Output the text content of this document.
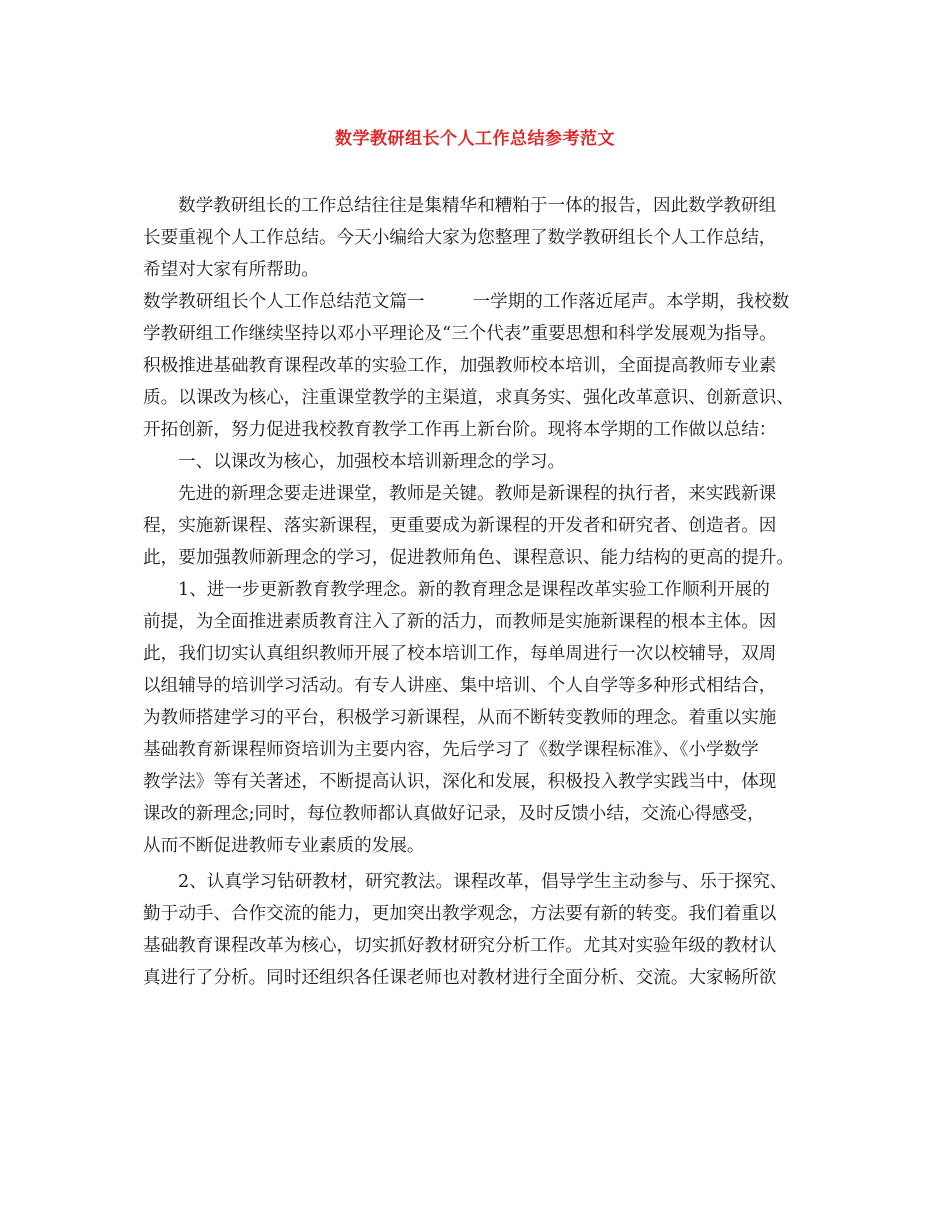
数学教研组长个人工作总结参考范文
数学教研组长的工作总结往往是集精华和糟粕于一体的报告，因此数学教研组
长要重视个人工作总结。今天小编给大家为您整理了数学教研组长个人工作总结，
希望对大家有所帮助。
数学教研组长个人工作总结范文篇一	一学期的工作落近尾声。本学期，我校数
学教研组工作继续坚持以邓小平理论及“三个代表”重要思想和科学发展观为指导。
积极推进基础教育课程改革的实验工作，加强教师校本培训，全面提高教师专业素
质。以课改为核心，注重课堂教学的主渠道，求真务实、强化改革意识、创新意识、
开拓创新，努力促进我校教育教学工作再上新台阶。现将本学期的工作做以总结：
一、以课改为核心，加强校本培训新理念的学习。
先进的新理念要走进课堂，教师是关键。教师是新课程的执行者，来实践新课
程，实施新课程、落实新课程，更重要成为新课程的开发者和研究者、创造者。因
此，要加强教师新理念的学习，促进教师角色、课程意识、能力结构的更高的提升。
1、进一步更新教育教学理念。新的教育理念是课程改革实验工作顺利开展的
前提，为全面推进素质教育注入了新的活力，而教师是实施新课程的根本主体。因
此，我们切实认真组织教师开展了校本培训工作，每单周进行一次以校辅导，双周
以组辅导的培训学习活动。有专人讲座、集中培训、个人自学等多种形式相结合，
为教师搭建学习的平台，积极学习新课程，从而不断转变教师的理念。着重以实施
基础教育新课程师资培训为主要内容，先后学习了《数学课程标准》、《小学数学
教学法》等有关著述，不断提高认识，深化和发展，积极投入教学实践当中，体现
课改的新理念;同时，每位教师都认真做好记录，及时反馈小结，交流心得感受，
从而不断促进教师专业素质的发展。
2、认真学习钻研教材，研究教法。课程改革，倡导学生主动参与、乐于探究、
勤于动手、合作交流的能力，更加突出教学观念，方法要有新的转变。我们着重以
基础教育课程改革为核心，切实抓好教材研究分析工作。尤其对实验年级的教材认
真进行了分析。同时还组织各任课老师也对教材进行全面分析、交流。大家畅所欲
